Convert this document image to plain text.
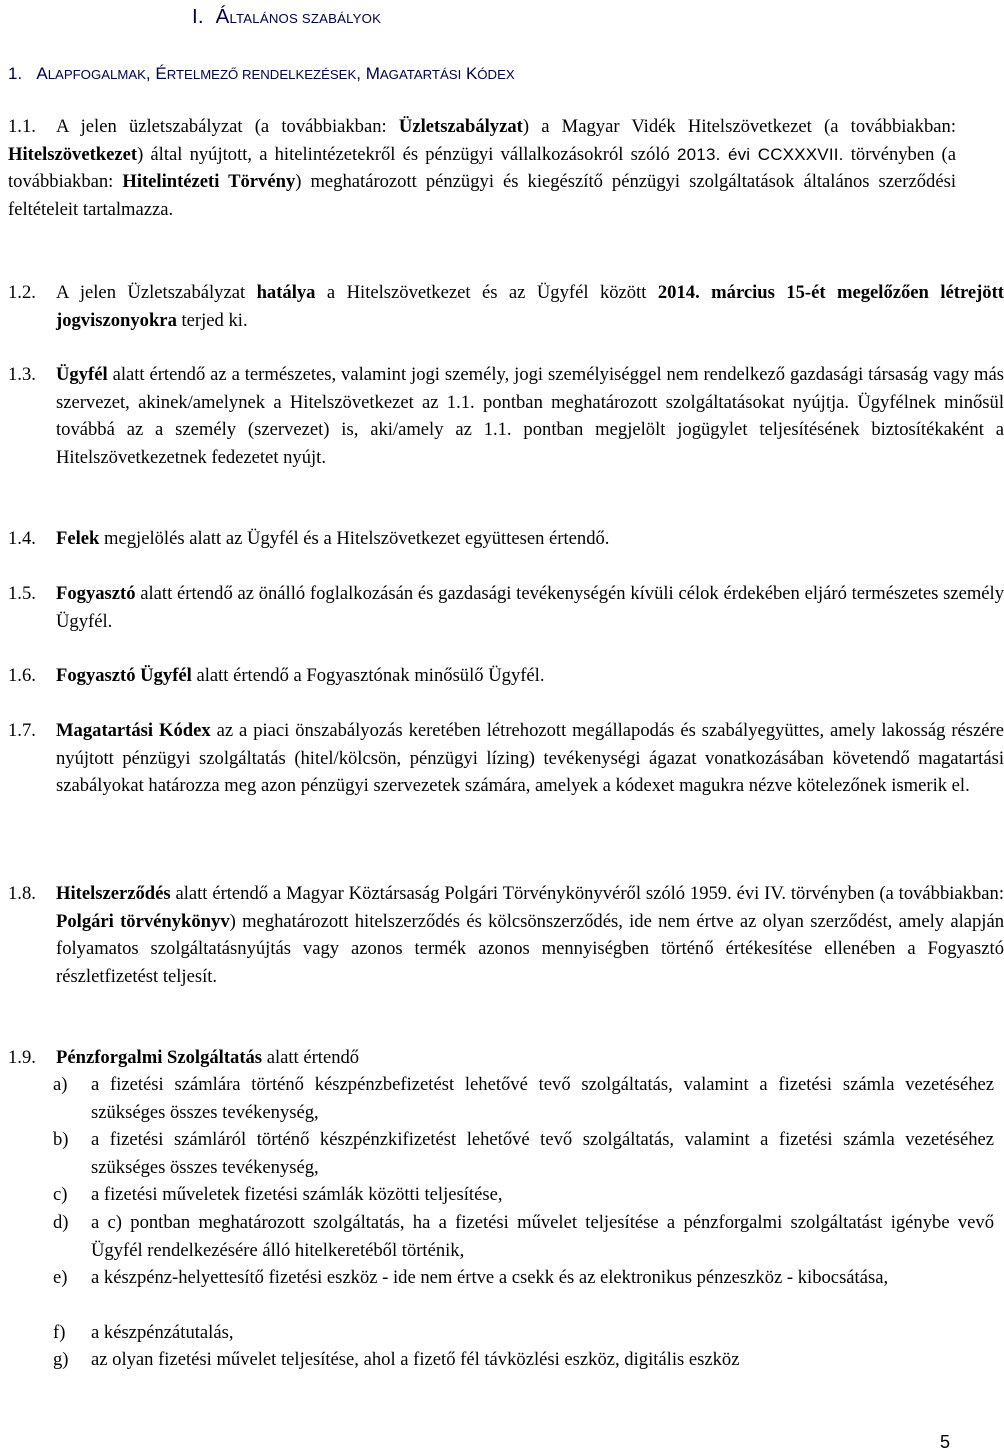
I. ÁLTALÁNOS SZABÁLYOK
1. ALAPFOGALMAK, ÉRTELMEZŐ RENDELKEZÉSEK, MAGATARTÁSI KÓDEX
1.1. A jelen üzletszabályzat (a továbbiakban: Üzletszabályzat) a Magyar Vidék Hitelszövetkezet (a továbbiakban: Hitelszövetkezet) által nyújtott, a hitelintézetekről és pénzügyi vállalkozásokról szóló 2013. évi CCXXXVII. törvényben (a továbbiakban: Hitelintézeti Törvény) meghatározott pénzügyi és kiegészítő pénzügyi szolgáltatások általános szerződési feltételeit tartalmazza.
1.2. A jelen Üzletszabályzat hatálya a Hitelszövetkezet és az Ügyfél között 2014. március 15-ét megelőzően létrejött jogviszonyokra terjed ki.
1.3. Ügyfél alatt értendő az a természetes, valamint jogi személy, jogi személyiséggel nem rendelkező gazdasági társaság vagy más szervezet, akinek/amelynek a Hitelszövetkezet az 1.1. pontban meghatározott szolgáltatásokat nyújtja. Ügyfélnek minősül továbbá az a személy (szervezet) is, aki/amely az 1.1. pontban megjelölt jogügylet teljesítésének biztosítékaként a Hitelszövetkezetnek fedezetet nyújt.
1.4. Felek megjelölés alatt az Ügyfél és a Hitelszövetkezet együttesen értendő.
1.5. Fogyasztó alatt értendő az önálló foglalkozásán és gazdasági tevékenységén kívüli célok érdekében eljáró természetes személy Ügyfél.
1.6. Fogyasztó Ügyfél alatt értendő a Fogyasztónak minősülő Ügyfél.
1.7. Magatartási Kódex az a piaci önszabályozás keretében létrehozott megállapodás és szabályegyüttes, amely lakosság részére nyújtott pénzügyi szolgáltatás (hitel/kölcsön, pénzügyi lízing) tevékenységi ágazat vonatkozásában követendő magatartási szabályokat határozza meg azon pénzügyi szervezetek számára, amelyek a kódexet magukra nézve kötelezőnek ismerik el.
1.8. Hitelszerződés alatt értendő a Magyar Köztársaság Polgári Törvénykönyvéről szóló 1959. évi IV. törvényben (a továbbiakban: Polgári törvénykönyv) meghatározott hitelszerződés és kölcsönszerződés, ide nem értve az olyan szerződést, amely alapján folyamatos szolgáltatásnyújtás vagy azonos termék azonos mennyiségben történő értékesítése ellenében a Fogyasztó részletfizetést teljesít.
1.9. Pénzforgalmi Szolgáltatás alatt értendő
a) a fizetési számlára történő készpénzbefizetést lehetővé tevő szolgáltatás, valamint a fizetési számla vezetéséhez szükséges összes tevékenység,
b) a fizetési számláról történő készpénzkifizetést lehetővé tevő szolgáltatás, valamint a fizetési számla vezetéséhez szükséges összes tevékenység,
c) a fizetési műveletek fizetési számlák közötti teljesítése,
d) a c) pontban meghatározott szolgáltatás, ha a fizetési művelet teljesítése a pénzforgalmi szolgáltatást igénybe vevő Ügyfél rendelkezésére álló hitelkeretéből történik,
e) a készpénz-helyettesítő fizetési eszköz - ide nem értve a csekk és az elektronikus pénzeszköz - kibocsátása,
f) a készpénzátutalás,
g) az olyan fizetési művelet teljesítése, ahol a fizető fél távközlési eszköz, digitális eszköz
5
